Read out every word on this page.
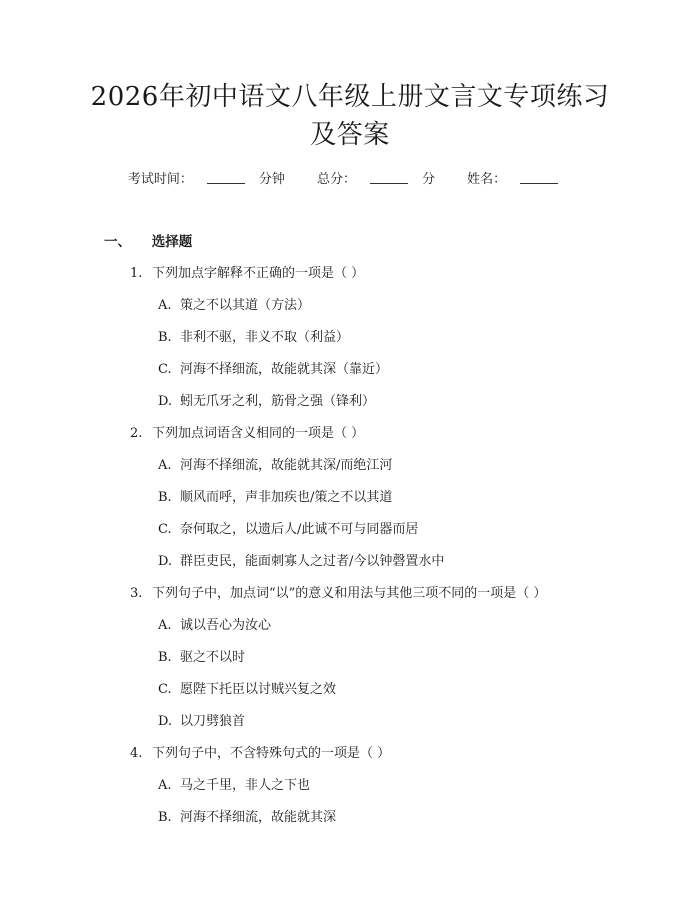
2026年初中语文八年级上册文言文专项练习
及答案
考试时间：	分钟 总分：	分 姓名：
一、 选择题
1. 下列加点字解释不正确的一项是（ ）
A. 策之不以其道（方法）
B. 非利不驱，非义不取（利益）
C. 河海不择细流，故能就其深（靠近）
D. 蚓无爪牙之利，筋骨之强（锋利）
2. 下列加点词语含义相同的一项是（ ）
A. 河海不择细流，故能就其深/而绝江河
B. 顺风而呼，声非加疾也/策之不以其道
C. 奈何取之，以遗后人/此诚不可与同器而居
D. 群臣吏民，能面刺寡人之过者/今以钟磬置水中
3. 下列句子中，加点词“以”的意义和用法与其他三项不同的一项是（ ）
A. 诚以吾心为汝心
B. 驱之不以时
C. 愿陛下托臣以讨贼兴复之效
D. 以刀劈狼首
4. 下列句子中，不含特殊句式的一项是（ ）
A. 马之千里，非人之下也
B. 河海不择细流，故能就其深
